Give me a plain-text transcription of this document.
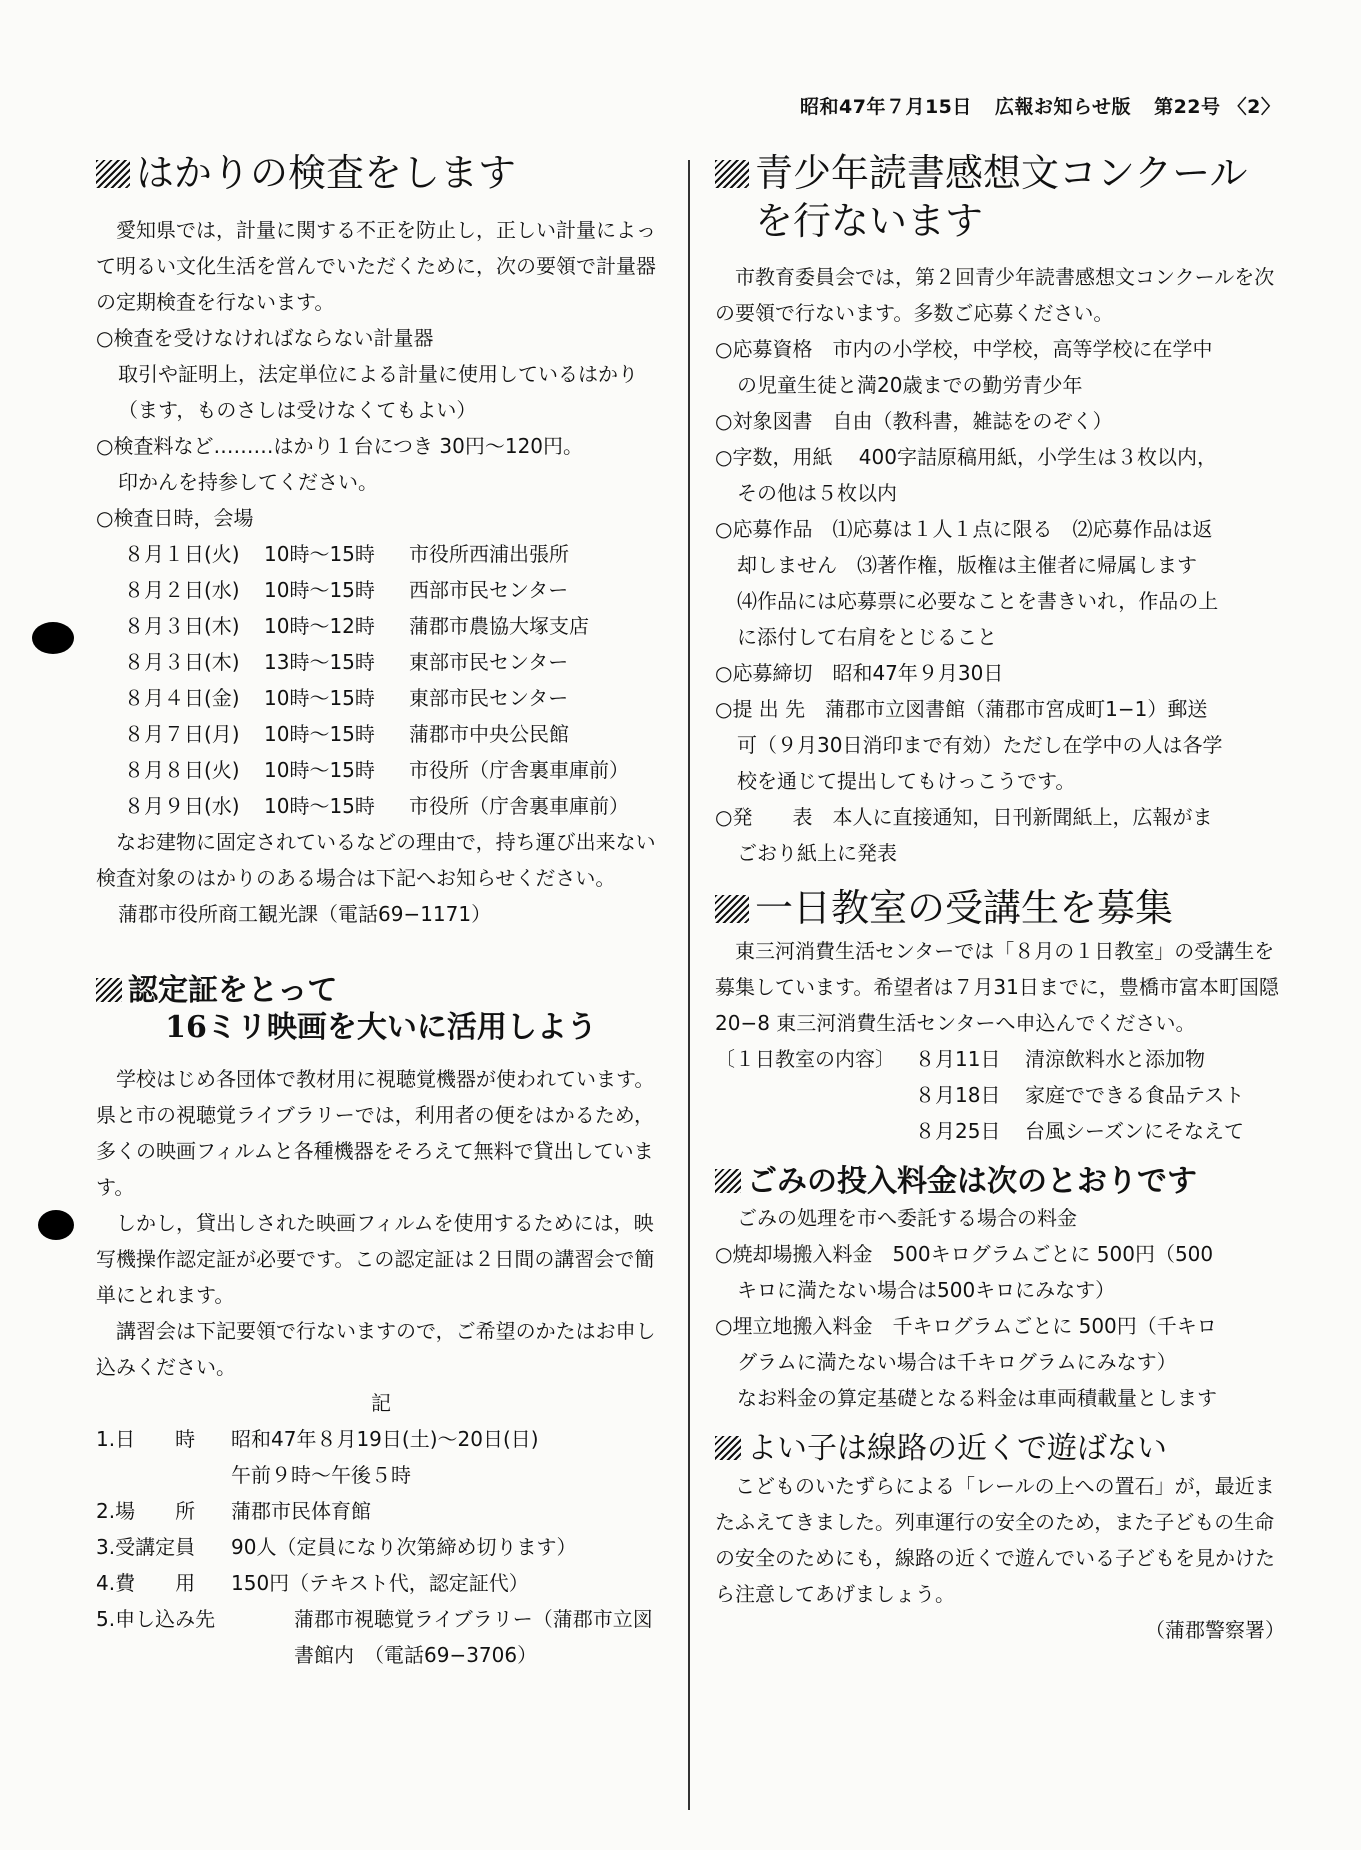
昭和47年７月15日 広報お知らせ版 第22号 〈2〉
はかりの検査をします

愛知県では，計量に関する不正を防止し，正しい計量によって明るい文化生活を営んでいただくために，次の要領で計量器の定期検査を行ないます。

○検査を受けなければならない計量器

取引や証明上，法定単位による計量に使用しているはかり（ます，ものさしは受けなくてもよい）

○検査料など………はかり１台につき 30円〜120円。

印かんを持参してください。

○検査日時，会場

８月１日(火)	10時〜15時	市役所西浦出張所
８月２日(水)	10時〜15時	西部市民センター
８月３日(木)	10時〜12時	蒲郡市農協大塚支店
８月３日(木)	13時〜15時	東部市民センター
８月４日(金)	10時〜15時	東部市民センター
８月７日(月)	10時〜15時	蒲郡市中央公民館
８月８日(火)	10時〜15時	市役所（庁舎裏車庫前）
８月９日(水)	10時〜15時	市役所（庁舎裏車庫前）

なお建物に固定されているなどの理由で，持ち運び出来ない検査対象のはかりのある場合は下記へお知らせください。

蒲郡市役所商工観光課（電話69−1171）

認定証をとって
16ミリ映画を大いに活用しよう

学校はじめ各団体で教材用に視聴覚機器が使われています。県と市の視聴覚ライブラリーでは，利用者の便をはかるため，多くの映画フィルムと各種機器をそろえて無料で貸出しています。

しかし，貸出しされた映画フィルムを使用するためには，映写機操作認定証が必要です。この認定証は２日間の講習会で簡単にとれます。

講習会は下記要領で行ないますので，ご希望のかたはお申し込みください。

記

1.日　　時	昭和47年８月19日(土)〜20日(日)
午前９時〜午後５時
2.場　　所	蒲郡市民体育館
3.受講定員	90人（定員になり次第締め切ります）
4.費　　用	150円（テキスト代，認定証代）
5.申し込み先	蒲郡市視聴覚ライブラリー（蒲郡市立図
書館内　（電話69−3706）
青少年読書感想文コンクール
を行ないます

市教育委員会では，第２回青少年読書感想文コンクールを次の要領で行ないます。多数ご応募ください。

○応募資格　市内の小学校，中学校，高等学校に在学中

の児童生徒と満20歳までの勤労青少年

○対象図書　自由（教科書，雑誌をのぞく）

○字数，用紙　 400字詰原稿用紙，小学生は３枚以内，

その他は５枚以内

○応募作品　⑴応募は１人１点に限る　⑵応募作品は返

却しません　⑶著作権，版権は主催者に帰属します

⑷作品には応募票に必要なことを書きいれ，作品の上

に添付して右肩をとじること

○応募締切　昭和47年９月30日

○提 出 先　蒲郡市立図書館（蒲郡市宮成町1−1）郵送

可（９月30日消印まで有効）ただし在学中の人は各学

校を通じて提出してもけっこうです。

○発　　表　本人に直接通知，日刊新聞紙上，広報がま

ごおり紙上に発表

一日教室の受講生を募集

東三河消費生活センターでは「８月の１日教室」の受講生を募集しています。希望者は７月31日までに，豊橋市富本町国隠20−8 東三河消費生活センターへ申込んでください。

〔１日教室の内容〕	８月11日	清涼飲料水と添加物
８月18日	家庭でできる食品テスト
８月25日	台風シーズンにそなえて
ごみの投入料金は次のとおりです

ごみの処理を市へ委託する場合の料金

○焼却場搬入料金　500キログラムごとに 500円（500

キロに満たない場合は500キロにみなす）

○埋立地搬入料金　千キログラムごとに 500円（千キロ

グラムに満たない場合は千キログラムにみなす）

なお料金の算定基礎となる料金は車両積載量とします

よい子は線路の近くで遊ばない

こどものいたずらによる「レールの上への置石」が，最近またふえてきました。列車運行の安全のため，また子どもの生命の安全のためにも，線路の近くで遊んでいる子どもを見かけたら注意してあげましょう。

（蒲郡警察署）
